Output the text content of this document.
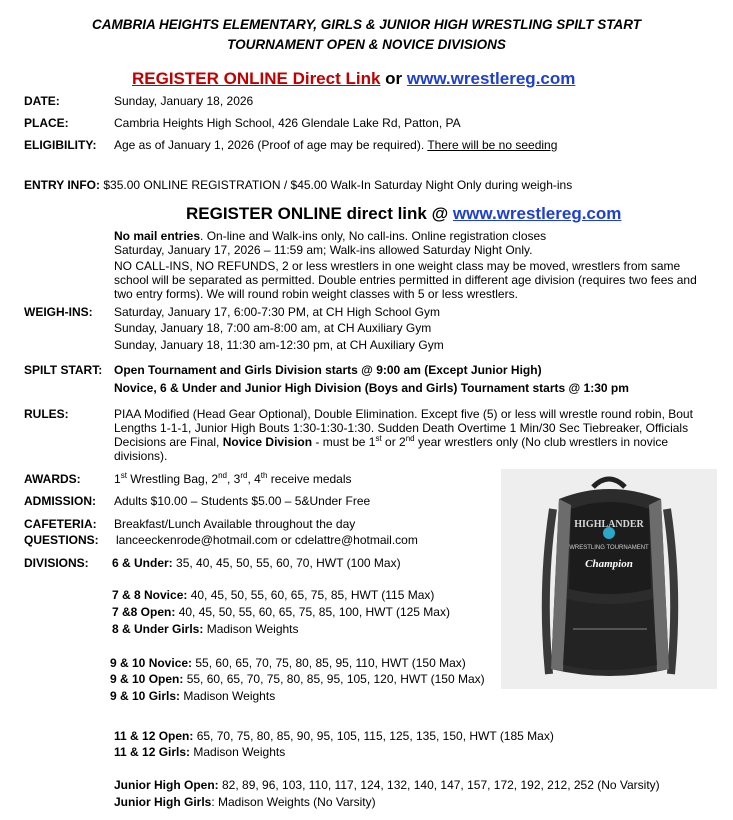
CAMBRIA HEIGHTS ELEMENTARY, GIRLS & JUNIOR HIGH WRESTLING SPILT START
TOURNAMENT OPEN & NOVICE DIVISIONS
REGISTER ONLINE Direct Link or www.wrestlereg.com
DATE:	Sunday, January 18, 2026
PLACE:	Cambria Heights High School, 426 Glendale Lake Rd, Patton, PA
ELIGIBILITY: Age as of January 1, 2026 (Proof of age may be required). There will be no seeding
ENTRY INFO: $35.00 ONLINE REGISTRATION / $45.00 Walk-In Saturday Night Only during weigh-ins
REGISTER ONLINE direct link @ www.wrestlereg.com
No mail entries. On-line and Walk-ins only, No call-ins. Online registration closes
Saturday, January 17, 2026 – 11:59 am; Walk-ins allowed Saturday Night Only.
NO CALL-INS, NO REFUNDS, 2 or less wrestlers in one weight class may be moved, wrestlers from same school will be separated as permitted. Double entries permitted in different age division (requires two fees and two entry forms). We will round robin weight classes with 5 or less wrestlers.
WEIGH-INS: Saturday, January 17, 6:00-7:30 PM, at CH High School Gym
Sunday, January 18, 7:00 am-8:00 am, at CH Auxiliary Gym
Sunday, January 18, 11:30 am-12:30 pm, at CH Auxiliary Gym
SPILT START: Open Tournament and Girls Division starts @ 9:00 am (Except Junior High)
Novice, 6 & Under and Junior High Division (Boys and Girls) Tournament starts @ 1:30 pm
RULES:	PIAA Modified (Head Gear Optional), Double Elimination. Except five (5) or less will wrestle round robin, Bout Lengths 1-1-1, Junior High Bouts 1:30-1:30-1:30. Sudden Death Overtime 1 Min/30 Sec Tiebreaker, Officials Decisions are Final, Novice Division - must be 1st or 2nd year wrestlers only (No club wrestlers in novice divisions).
AWARDS:	1st Wrestling Bag, 2nd, 3rd, 4th receive medals
ADMISSION: Adults $10.00 – Students $5.00 – 5&Under Free
CAFETERIA: Breakfast/Lunch Available throughout the day
QUESTIONS: lanceeckenrode@hotmail.com or cdelattre@hotmail.com
DIVISIONS: 6 & Under: 35, 40, 45, 50, 55, 60, 70, HWT (100 Max)
7 & 8 Novice: 40, 45, 50, 55, 60, 65, 75, 85, HWT (115 Max)
7 &8 Open: 40, 45, 50, 55, 60, 65, 75, 85, 100, HWT (125 Max)
8 & Under Girls: Madison Weights
9 & 10 Novice: 55, 60, 65, 70, 75, 80, 85, 95, 110, HWT (150 Max)
9 & 10 Open: 55, 60, 65, 70, 75, 80, 85, 95, 105, 120, HWT (150 Max)
9 & 10 Girls: Madison Weights
11 & 12 Open: 65, 70, 75, 80, 85, 90, 95, 105, 115, 125, 135, 150, HWT (185 Max)
11 & 12 Girls: Madison Weights
Junior High Open: 82, 89, 96, 103, 110, 117, 124, 132, 140, 147, 157, 172, 192, 212, 252 (No Varsity)
Junior High Girls: Madison Weights (No Varsity)
HIGHLANDER
WRESTLING TOURNAMENT
Champion
